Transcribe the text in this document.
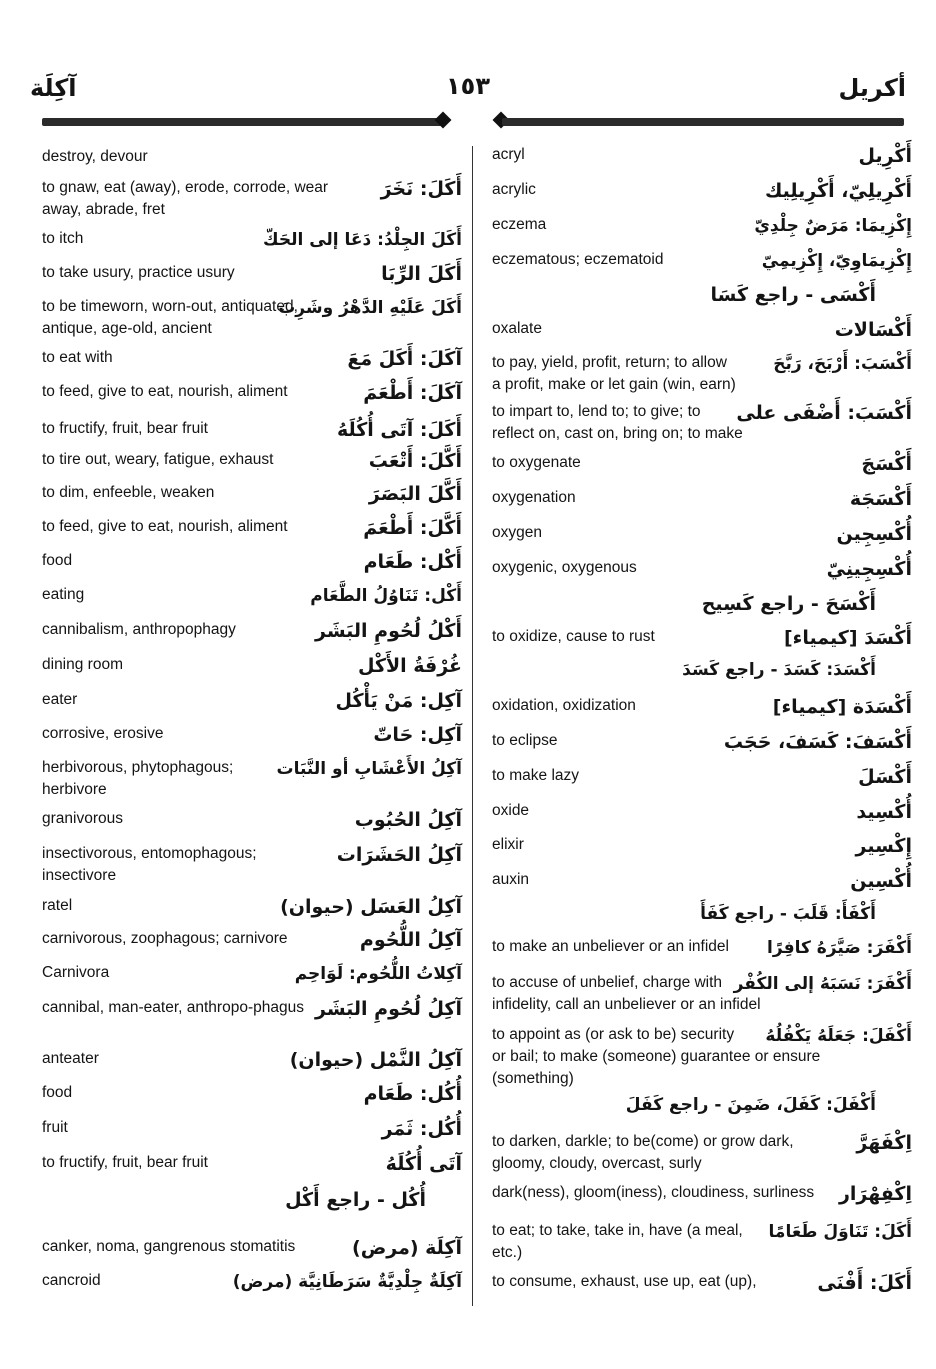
آكِلَة	١٥٣	أكريل
destroy, devour
أَكَلَ: نَخَرَ
to gnaw, eat (away), erode, corrode, wear
away, abrade, fret
أَكَلَ الجِلْدُ: دَعَا إلى الحَكّ
to itch
أَكَلَ الرِّبَا
to take usury, practice usury
أَكَلَ عَلَيْهِ الدَّهْرُ وشَرِبَ
to be timeworn, worn-out, antiquated,
antique, age-old, ancient
آكَلَ: أَكَلَ مَعَ
to eat with
آكَلَ: أَطْعَمَ
to feed, give to eat, nourish, aliment
أَكَلَ: آتَى أُكُلَهُ
to fructify, fruit, bear fruit
أَكَّلَ: أَتْعَبَ
to tire out, weary, fatigue, exhaust
أَكَّلَ البَصَرَ
to dim, enfeeble, weaken
أَكَّلَ: أَطْعَمَ
to feed, give to eat, nourish, aliment
أَكْل: طَعَام
food
أَكْل: تَنَاوُلُ الطَّعَام
eating
أَكْلُ لُحُومِ البَشَر
cannibalism, anthropophagy
غُرْفَةُ الأَكْل
dining room
آكِل: مَنْ يَأْكُل
eater
آكِل: حَاتّ
corrosive, erosive
آكِلُ الأَعْشَابِ أو النَّبَات
herbivorous, phytophagous;
herbivore
آكِلُ الحُبُوب
granivorous
آكِلُ الحَشَرَات
insectivorous, entomophagous;
insectivore
آكِلُ العَسَل (حيوان)
ratel
آكِلُ اللُّحُوم
carnivorous, zoophagous; carnivore
آكِلاتُ اللُّحُوم: لَوَاحِم
Carnivora
آكِلُ لُحُومِ البَشَر
cannibal, man-eater, anthropo-phagus
آكِلُ النَّمْل (حيوان)
anteater
أُكُل: طَعَام
food
أُكُل: ثَمَر
fruit
آتَى أُكُلَهُ
to fructify, fruit, bear fruit
أُكُل - راجع أَكْل
آكِلَة (مرض)
canker, noma, gangrenous stomatitis
آكِلَةٌ جِلْدِيَّةٌ سَرَطَانِيَّة (مرض)
cancroid
أَكْرِيل
acryl
أَكْرِيلِيّ، أَكْرِيلِيك
acrylic
إِكْزِيمَا: مَرَضٌ جِلْدِيّ
eczema
إِكْزِيمَاوِيّ، إِكْزِيمِيّ
eczematous; eczematoid
أَكْسَى - راجع كَسَا
أَكْسَالات
oxalate
أَكْسَبَ: أَرْبَحَ، رَبَّحَ
to pay, yield, profit, return; to allow
a profit, make or let gain (win, earn)
أَكْسَبَ: أَضْفَى على
to impart to, lend to; to give; to
reflect on, cast on, bring on; to make
أَكْسَجَ
to oxygenate
أَكْسَجَة
oxygenation
أُكْسِجِين
oxygen
أُكْسِجِينِيّ
oxygenic, oxygenous
أَكْسَحَ - راجع كَسِيح
أَكْسَدَ [كيمياء]
to oxidize, cause to rust
أَكْسَدَ: كَسَدَ - راجع كَسَدَ
أَكْسَدَة [كيمياء]
oxidation, oxidization
أَكْسَفَ: كَسَفَ، حَجَبَ
to eclipse
أَكْسَلَ
to make lazy
أُكْسِيد
oxide
إِكْسِير
elixir
أُكْسِين
auxin
أَكْفَأَ: قَلَبَ - راجع كَفَأَ
أَكْفَرَ: صَيَّرَهُ كافِرًا
to make an unbeliever or an infidel
أَكْفَرَ: نَسَبَهُ إلى الكُفْر
to accuse of unbelief, charge with
infidelity, call an unbeliever or an infidel
أَكْفَلَ: جَعَلَهُ يَكْفُلُهُ
to appoint as (or ask to be) security
or bail; to make (someone) guarantee or ensure
(something)
أَكْفَلَ: كَفَلَ، ضَمِنَ - راجع كَفَلَ
اِكْفَهَرَّ
to darken, darkle; to be(come) or grow dark,
gloomy, cloudy, overcast, surly
اِكْفِهْرَار
dark(ness), gloom(iness), cloudiness, surliness
أَكَلَ: تَنَاوَلَ طَعَامًا
to eat; to take, take in, have (a meal,
etc.)
أَكَلَ: أَفْنَى
to consume, exhaust, use up, eat (up),
